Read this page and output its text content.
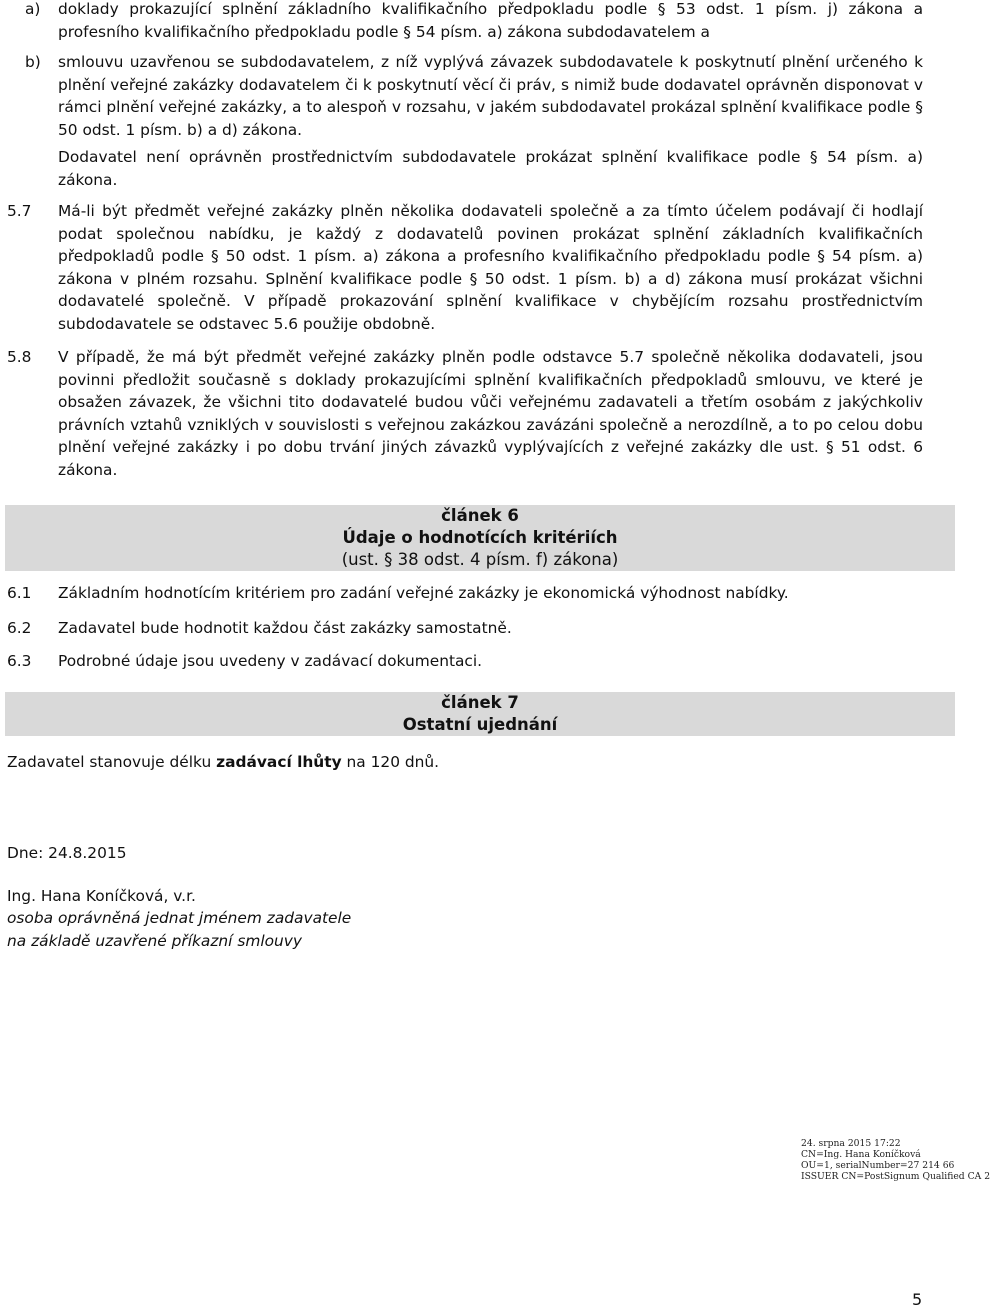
a)	doklady prokazující splnění základního kvalifikačního předpokladu podle § 53 odst. 1 písm. j) zákona a profesního kvalifikačního předpokladu podle § 54 písm. a) zákona subdodavatelem a
b)	smlouvu uzavřenou se subdodavatelem, z níž vyplývá závazek subdodavatele k poskytnutí plnění určeného k plnění veřejné zakázky dodavatelem či k poskytnutí věcí či práv, s nimiž bude dodavatel oprávněn disponovat v rámci plnění veřejné zakázky, a to alespoň v rozsahu, v jakém subdodavatel prokázal splnění kvalifikace podle § 50 odst. 1 písm. b) a d) zákona.
Dodavatel není oprávněn prostřednictvím subdodavatele prokázat splnění kvalifikace podle § 54 písm. a) zákona.
5.7	Má-li být předmět veřejné zakázky plněn několika dodavateli společně a za tímto účelem podávají či hodlají podat společnou nabídku, je každý z dodavatelů povinen prokázat splnění základních kvalifikačních předpokladů podle § 50 odst. 1 písm. a) zákona a profesního kvalifikačního předpokladu podle § 54 písm. a) zákona v plném rozsahu. Splnění kvalifikace podle § 50 odst. 1 písm. b) a d) zákona musí prokázat všichni dodavatelé společně. V případě prokazování splnění kvalifikace v chybějícím rozsahu prostřednictvím subdodavatele se odstavec 5.6 použije obdobně.
5.8	V případě, že má být předmět veřejné zakázky plněn podle odstavce 5.7 společně několika dodavateli, jsou povinni předložit současně s doklady prokazujícími splnění kvalifikačních předpokladů smlouvu, ve které je obsažen závazek, že všichni tito dodavatelé budou vůči veřejnému zadavateli a třetím osobám z jakýchkoliv právních vztahů vzniklých v souvislosti s veřejnou zakázkou zavázáni společně a nerozdílně, a to po celou dobu plnění veřejné zakázky i po dobu trvání jiných závazků vyplývajících z veřejné zakázky dle ust. § 51 odst. 6 zákona.
článek 6
Údaje o hodnotících kritériích
(ust. § 38 odst. 4 písm. f) zákona)
6.1	Základním hodnotícím kritériem pro zadání veřejné zakázky je ekonomická výhodnost nabídky.
6.2	Zadavatel bude hodnotit každou část zakázky samostatně.
6.3	Podrobné údaje jsou uvedeny v zadávací dokumentaci.
článek 7
Ostatní ujednání
Zadavatel stanovuje délku zadávací lhůty na 120 dnů.
Dne: 24.8.2015
Ing. Hana Koníčková, v.r.
osoba oprávněná jednat jménem zadavatele
na základě uzavřené příkazní smlouvy
24. srpna 2015 17:22
CN=Ing. Hana Koníčková
OU=1, serialNumber=27 214 66
ISSUER CN=PostSignum Qualified CA 2
5
